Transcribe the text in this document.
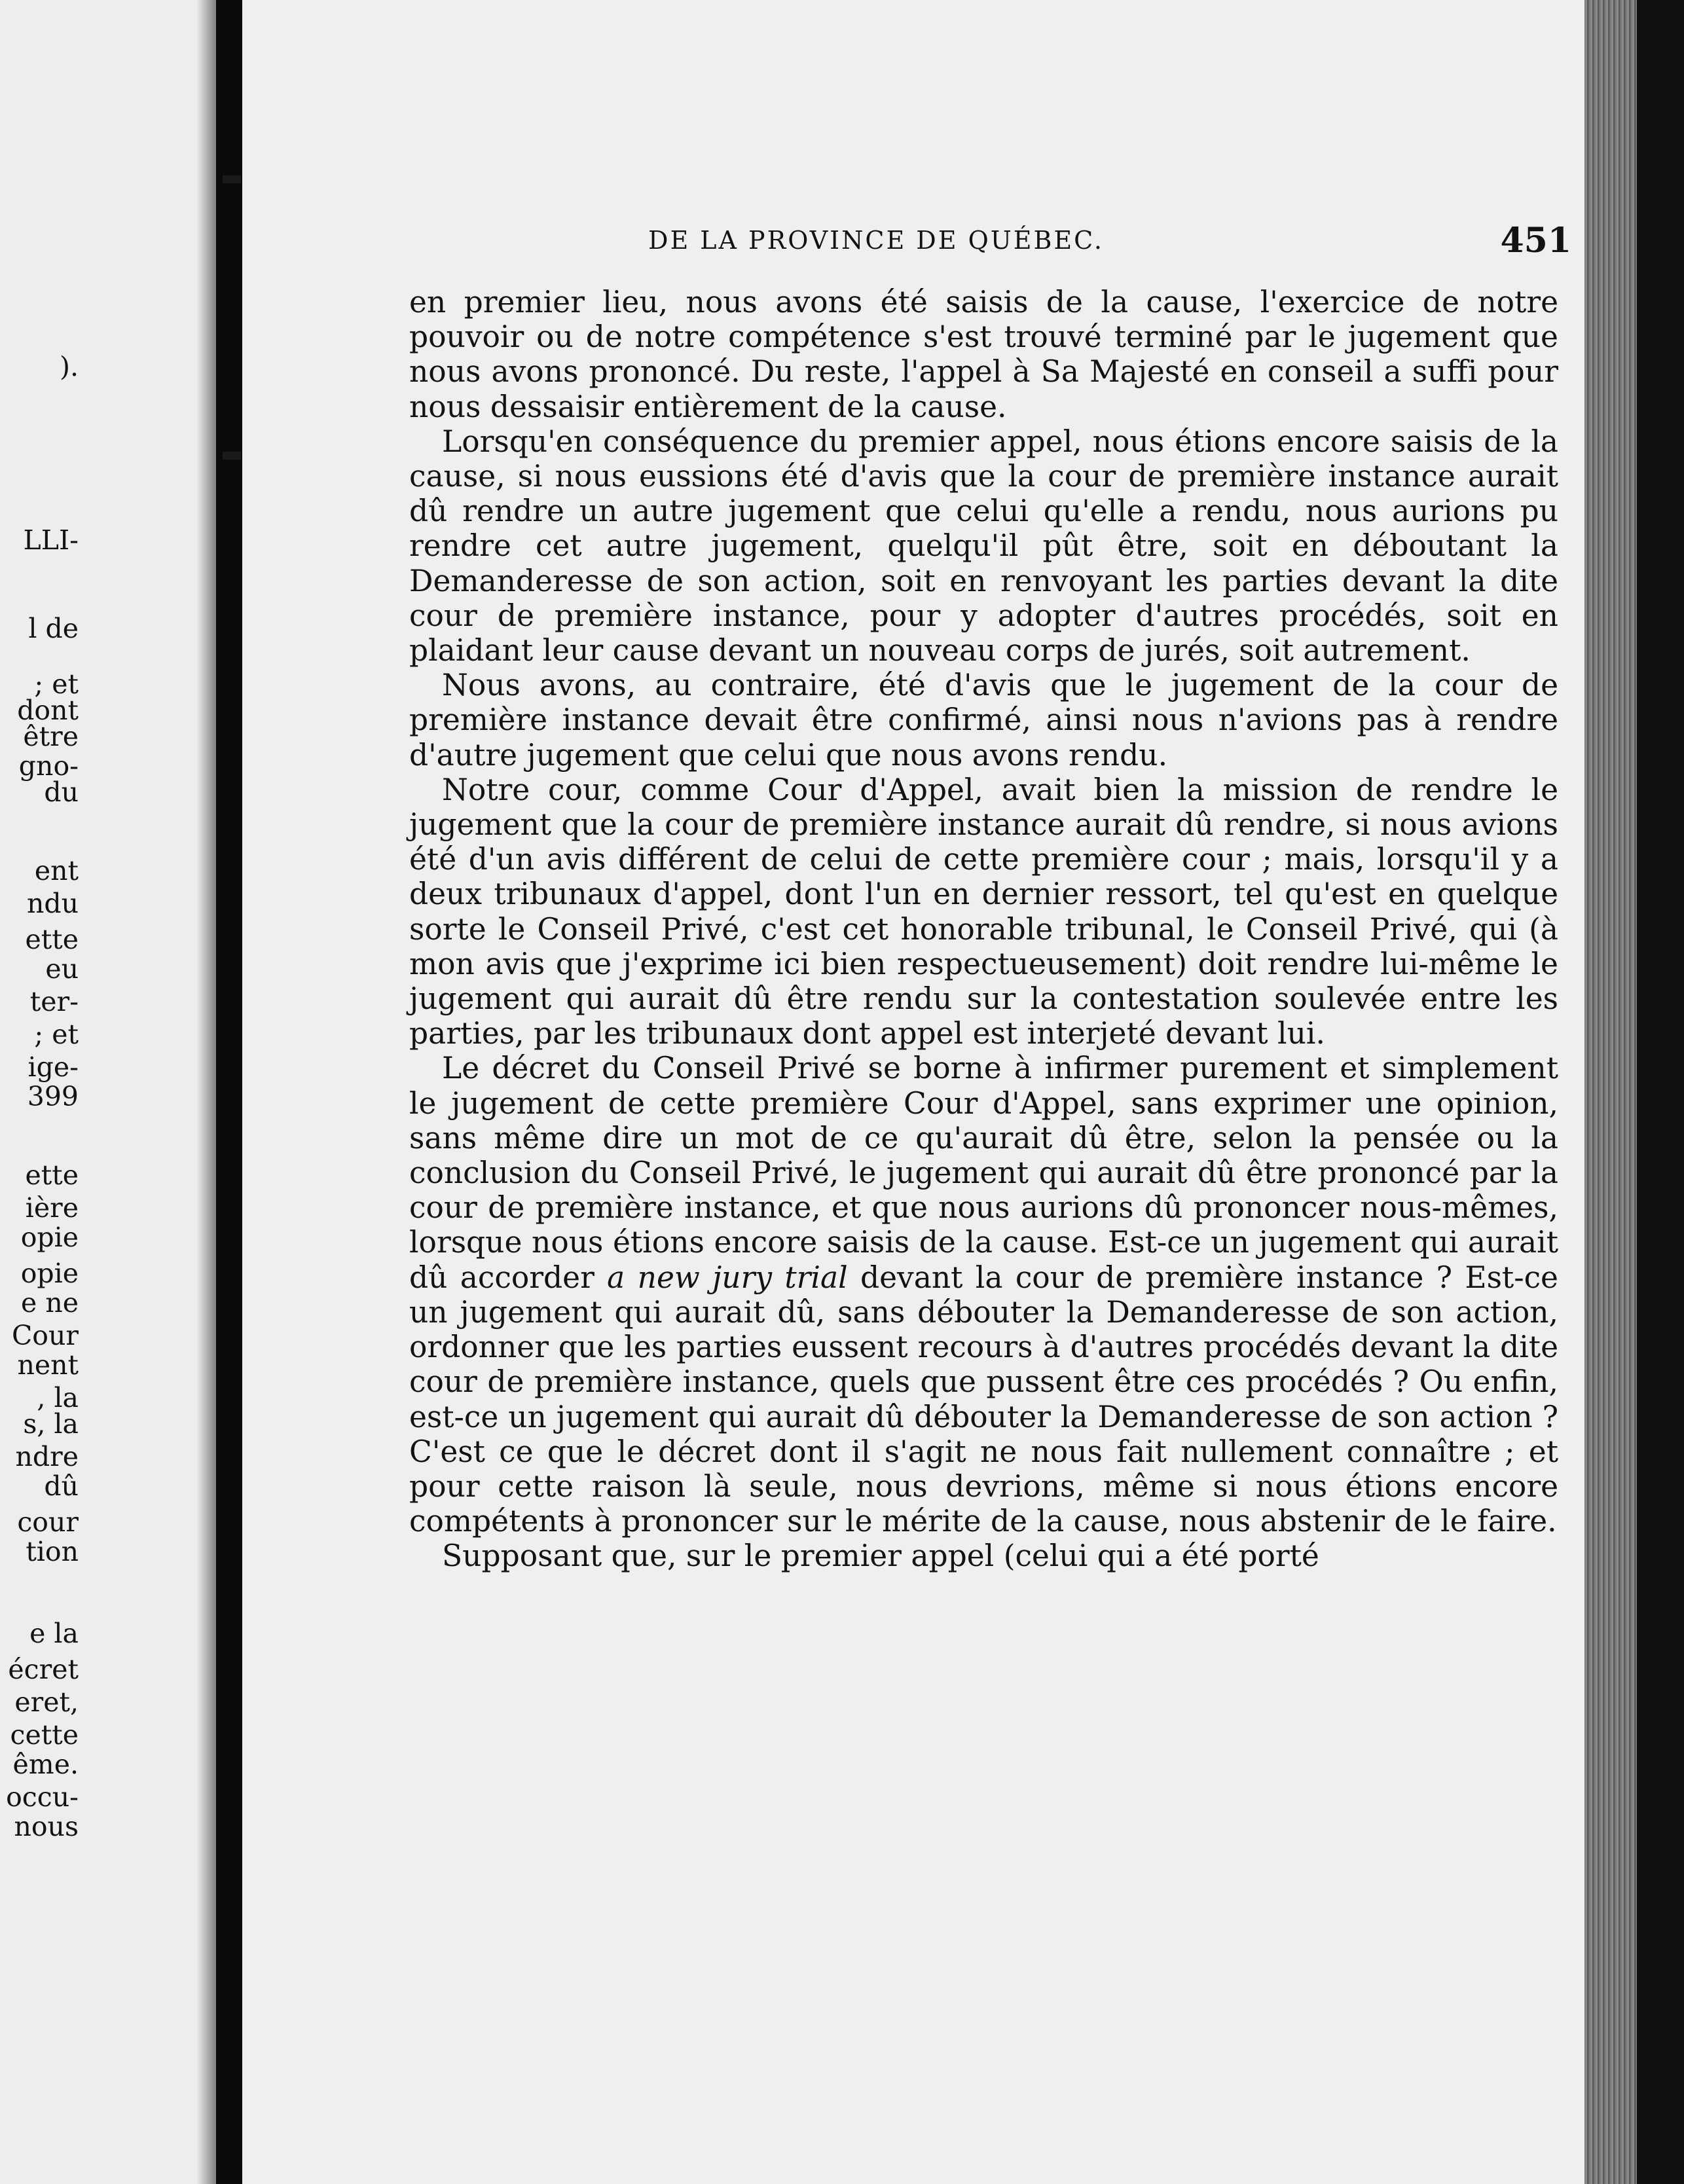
).
LLI-
l de
; et
dont
être
gno-
du
ent
ndu
ette
eu
ter-
; et
ige-
399
ette
ière
opie
opie
e ne
Cour
nent
, la
s, la
ndre
dû
cour
tion
e la
écret
eret,
cette
ême.
occu-
nous
DE LA PROVINCE DE QUÉBEC.	451

en premier lieu, nous avons été saisis de la cause, l'exercice de notre pouvoir ou de notre compétence s'est trouvé terminé par le jugement que nous avons prononcé. Du reste, l'appel à Sa Majesté en conseil a suffi pour nous dessaisir entièrement de la cause.

Lorsqu'en conséquence du premier appel, nous étions encore saisis de la cause, si nous eussions été d'avis que la cour de première instance aurait dû rendre un autre jugement que celui qu'elle a rendu, nous aurions pu rendre cet autre jugement, quelqu'il pût être, soit en déboutant la Demanderesse de son action, soit en renvoyant les parties devant la dite cour de première instance, pour y adopter d'autres procédés, soit en plaidant leur cause devant un nouveau corps de jurés, soit autrement.

Nous avons, au contraire, été d'avis que le jugement de la cour de première instance devait être confirmé, ainsi nous n'avions pas à rendre d'autre jugement que celui que nous avons rendu.

Notre cour, comme Cour d'Appel, avait bien la mission de rendre le jugement que la cour de première instance aurait dû rendre, si nous avions été d'un avis différent de celui de cette première cour ; mais, lorsqu'il y a deux tribunaux d'appel, dont l'un en dernier ressort, tel qu'est en quelque sorte le Conseil Privé, c'est cet honorable tribunal, le Conseil Privé, qui (à mon avis que j'exprime ici bien respectueusement) doit rendre lui-même le jugement qui aurait dû être rendu sur la contestation soulevée entre les parties, par les tribunaux dont appel est interjeté devant lui.

Le décret du Conseil Privé se borne à infirmer purement et simplement le jugement de cette première Cour d'Appel, sans exprimer une opinion, sans même dire un mot de ce qu'aurait dû être, selon la pensée ou la conclusion du Conseil Privé, le jugement qui aurait dû être prononcé par la cour de première instance, et que nous aurions dû prononcer nous-mêmes, lorsque nous étions encore saisis de la cause. Est-ce un jugement qui aurait dû accorder a new jury trial devant la cour de première instance ? Est-ce un jugement qui aurait dû, sans débouter la Demanderesse de son action, ordonner que les parties eussent recours à d'autres procédés devant la dite cour de première instance, quels que pussent être ces procédés ? Ou enfin, est-ce un jugement qui aurait dû débouter la Demanderesse de son action ? C'est ce que le décret dont il s'agit ne nous fait nullement connaître ; et pour cette raison là seule, nous devrions, même si nous étions encore compétents à prononcer sur le mérite de la cause, nous abstenir de le faire.

Supposant que, sur le premier appel (celui qui a été porté
